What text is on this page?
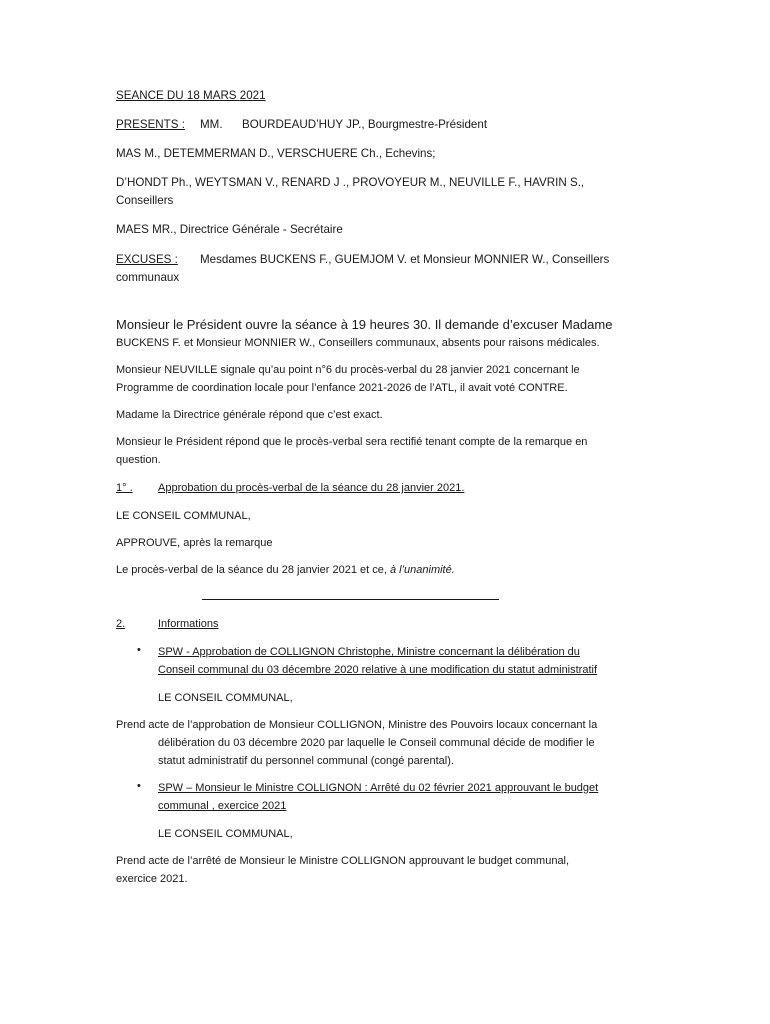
SEANCE DU 18 MARS 2021
PRESENTS : MM. BOURDEAUD’HUY JP., Bourgmestre-Président
MAS M., DETEMMERMAN D., VERSCHUERE Ch., Echevins;
D’HONDT Ph., WEYTSMAN V., RENARD J ., PROVOYEUR M., NEUVILLE F., HAVRIN S.,
Conseillers
MAES MR., Directrice Générale - Secrétaire
EXCUSES : Mesdames BUCKENS F., GUEMJOM V. et Monsieur MONNIER W., Conseillers
communaux
Monsieur le Président ouvre la séance à 19 heures 30. Il demande d’excuser Madame
BUCKENS F. et Monsieur MONNIER W., Conseillers communaux, absents pour raisons médicales.
Monsieur NEUVILLE signale qu’au point n°6 du procès-verbal du 28 janvier 2021 concernant le
Programme de coordination locale pour l’enfance 2021-2026 de l’ATL, il avait voté CONTRE.
Madame la Directrice générale répond que c’est exact.
Monsieur le Président répond que le procès-verbal sera rectifié tenant compte de la remarque en
question.
1° . Approbation du procès-verbal de la séance du 28 janvier 2021.
LE CONSEIL COMMUNAL,
APPROUVE, après la remarque
Le procès-verbal de la séance du 28 janvier 2021 et ce, à l’unanimité.
2.	Informations
• SPW - Approbation de COLLIGNON Christophe, Ministre concernant la délibération du
Conseil communal du 03 décembre 2020 relative à une modification du statut administratif
LE CONSEIL COMMUNAL,
Prend acte de l’approbation de Monsieur COLLIGNON, Ministre des Pouvoirs locaux concernant la
délibération du 03 décembre 2020 par laquelle le Conseil communal décide de modifier le
statut administratif du personnel communal (congé parental).
• SPW – Monsieur le Ministre COLLIGNON : Arrêté du 02 février 2021 approuvant le budget
communal , exercice 2021
LE CONSEIL COMMUNAL,
Prend acte de l’arrêté de Monsieur le Ministre COLLIGNON approuvant le budget communal,
exercice 2021.
